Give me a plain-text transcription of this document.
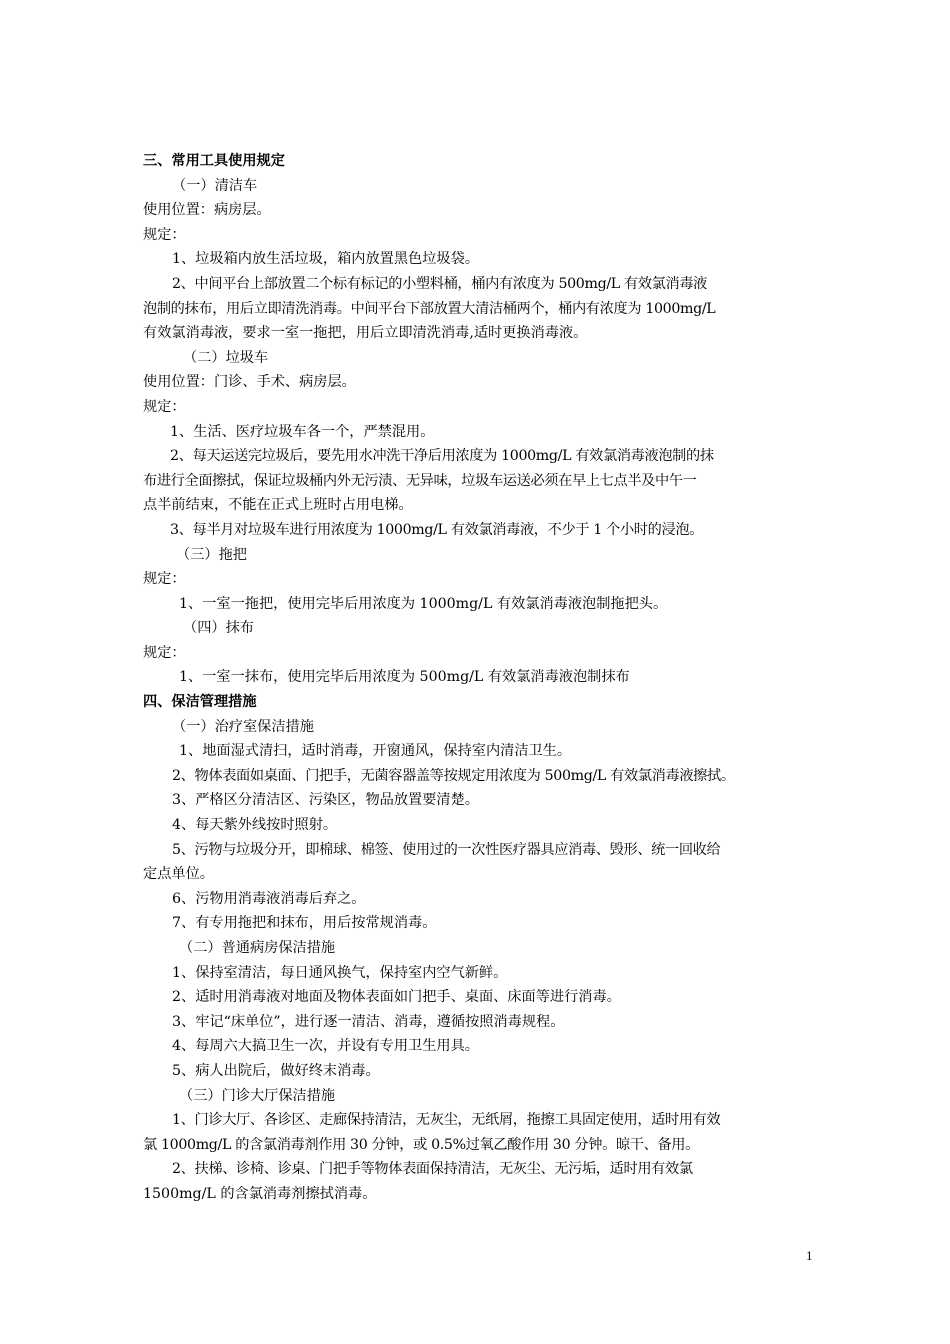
三、常用工具使用规定
（一）清洁车
使用位置：病房层。
规定：
1、垃圾箱内放生活垃圾，箱内放置黑色垃圾袋。
2、中间平台上部放置二个标有标记的小塑料桶，桶内有浓度为 500mg/L 有效氯消毒液
泡制的抹布，用后立即清洗消毒。中间平台下部放置大清洁桶两个，桶内有浓度为 1000mg/L
有效氯消毒液，要求一室一拖把，用后立即清洗消毒,适时更换消毒液。
（二）垃圾车
使用位置：门诊、手术、病房层。
规定：
1、生活、医疗垃圾车各一个，严禁混用。
2、每天运送完垃圾后，要先用水冲洗干净后用浓度为 1000mg/L 有效氯消毒液泡制的抹
布进行全面擦拭，保证垃圾桶内外无污渍、无异味，垃圾车运送必须在早上七点半及中午一
点半前结束，不能在正式上班时占用电梯。
3、每半月对垃圾车进行用浓度为 1000mg/L 有效氯消毒液，不少于 1 个小时的浸泡。
（三）拖把
规定：
1、一室一拖把，使用完毕后用浓度为 1000mg/L 有效氯消毒液泡制拖把头。
（四）抹布
规定：
1、一室一抹布，使用完毕后用浓度为 500mg/L 有效氯消毒液泡制抹布
四、保洁管理措施
（一）治疗室保洁措施
1、地面湿式清扫，适时消毒，开窗通风，保持室内清洁卫生。
2、物体表面如桌面、门把手，无菌容器盖等按规定用浓度为 500mg/L 有效氯消毒液擦拭。
3、严格区分清洁区、污染区，物品放置要清楚。
4、每天紫外线按时照射。
5、污物与垃圾分开，即棉球、棉签、使用过的一次性医疗器具应消毒、毁形、统一回收给
定点单位。
6、污物用消毒液消毒后弃之。
7、有专用拖把和抹布，用后按常规消毒。
（二）普通病房保洁措施
1、保持室清洁，每日通风换气，保持室内空气新鲜。
2、适时用消毒液对地面及物体表面如门把手、桌面、床面等进行消毒。
3、牢记“床单位”，进行逐一清洁、消毒，遵循按照消毒规程。
4、每周六大搞卫生一次，并设有专用卫生用具。
5、病人出院后，做好终末消毒。
（三）门诊大厅保洁措施
1、门诊大厅、各诊区、走廊保持清洁，无灰尘，无纸屑，拖擦工具固定使用，适时用有效
氯 1000mg/L 的含氯消毒剂作用 30 分钟，或 0.5%过氧乙酸作用 30 分钟。晾干、备用。
2、扶梯、诊椅、诊桌、门把手等物体表面保持清洁，无灰尘、无污垢，适时用有效氯
1500mg/L 的含氯消毒剂擦拭消毒。
1
